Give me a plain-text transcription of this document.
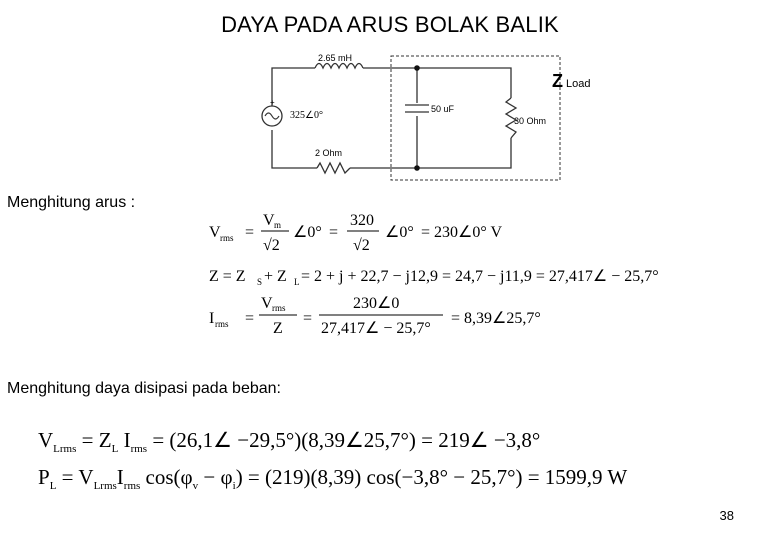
DAYA PADA ARUS BOLAK BALIK
+
2.65 mH
325∠0°
2 Ohm
50 uF
30 Ohm
Z Load
Menghitung arus :
V rms =
V m
√2
∠0° =
320
√2
∠0° = 230∠0° V
Z = Z S + Z L = 2 + j + 22,7 − j12,9 = 24,7 − j11,9 = 27,417∠ − 25,7°
I rms =
V rms
Z
=
230∠0
27,417∠ − 25,7°
= 8,39∠25,7°
Menghitung daya disipasi pada beban:
$V_{Lrms} = Z_L$ $I_{rms}$ = (26,1∠ −29,5°)(8,39∠25,7°) = 219∠ −3,8°
$P_L = V_{Lrms}I_{rms}$ $\cos(\varphi_v - \varphi_i) = (219)(8,39) \cos(-3,8^\circ - 25,7^\circ) = 1599,9$ W
38
